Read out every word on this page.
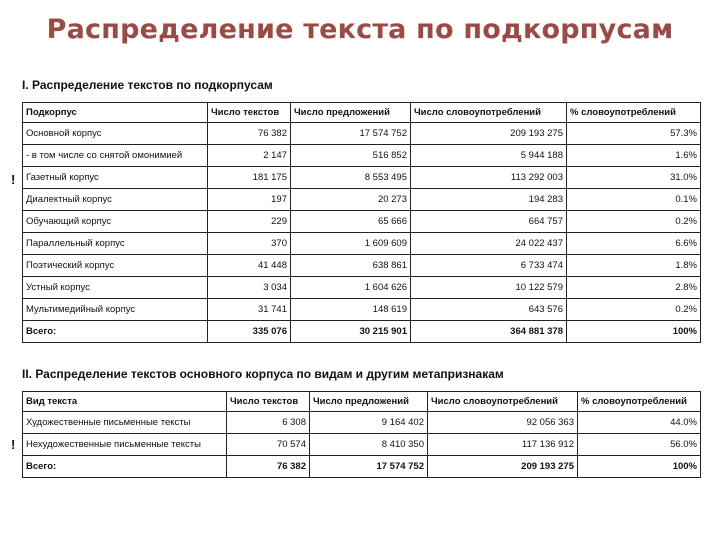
Распределение текста по подкорпусам
I. Распределение текстов по подкорпусам
!
Подкорпус	Число текстов	Число предложений	Число словоупотреблений	% словоупотреблений
Основной корпус	76 382	17 574 752	209 193 275	57.3%
- в том числе со снятой омонимией	2 147	516 852	5 944 188	1.6%
Газетный корпус	181 175	8 553 495	113 292 003	31.0%
Диалектный корпус	197	20 273	194 283	0.1%
Обучающий корпус	229	65 666	664 757	0.2%
Параллельный корпус	370	1 609 609	24 022 437	6.6%
Поэтический корпус	41 448	638 861	6 733 474	1.8%
Устный корпус	3 034	1 604 626	10 122 579	2.8%
Мультимедийный корпус	31 741	148 619	643 576	0.2%
Всего:	335 076	30 215 901	364 881 378	100%
II. Распределение текстов основного корпуса по видам и другим метапризнакам
!
Вид текста	Число текстов	Число предложений	Число словоупотреблений	% словоупотреблений
Художественные письменные тексты	6 308	9 164 402	92 056 363	44.0%
Нехудожественные письменные тексты	70 574	8 410 350	117 136 912	56.0%
Всего:	76 382	17 574 752	209 193 275	100%
